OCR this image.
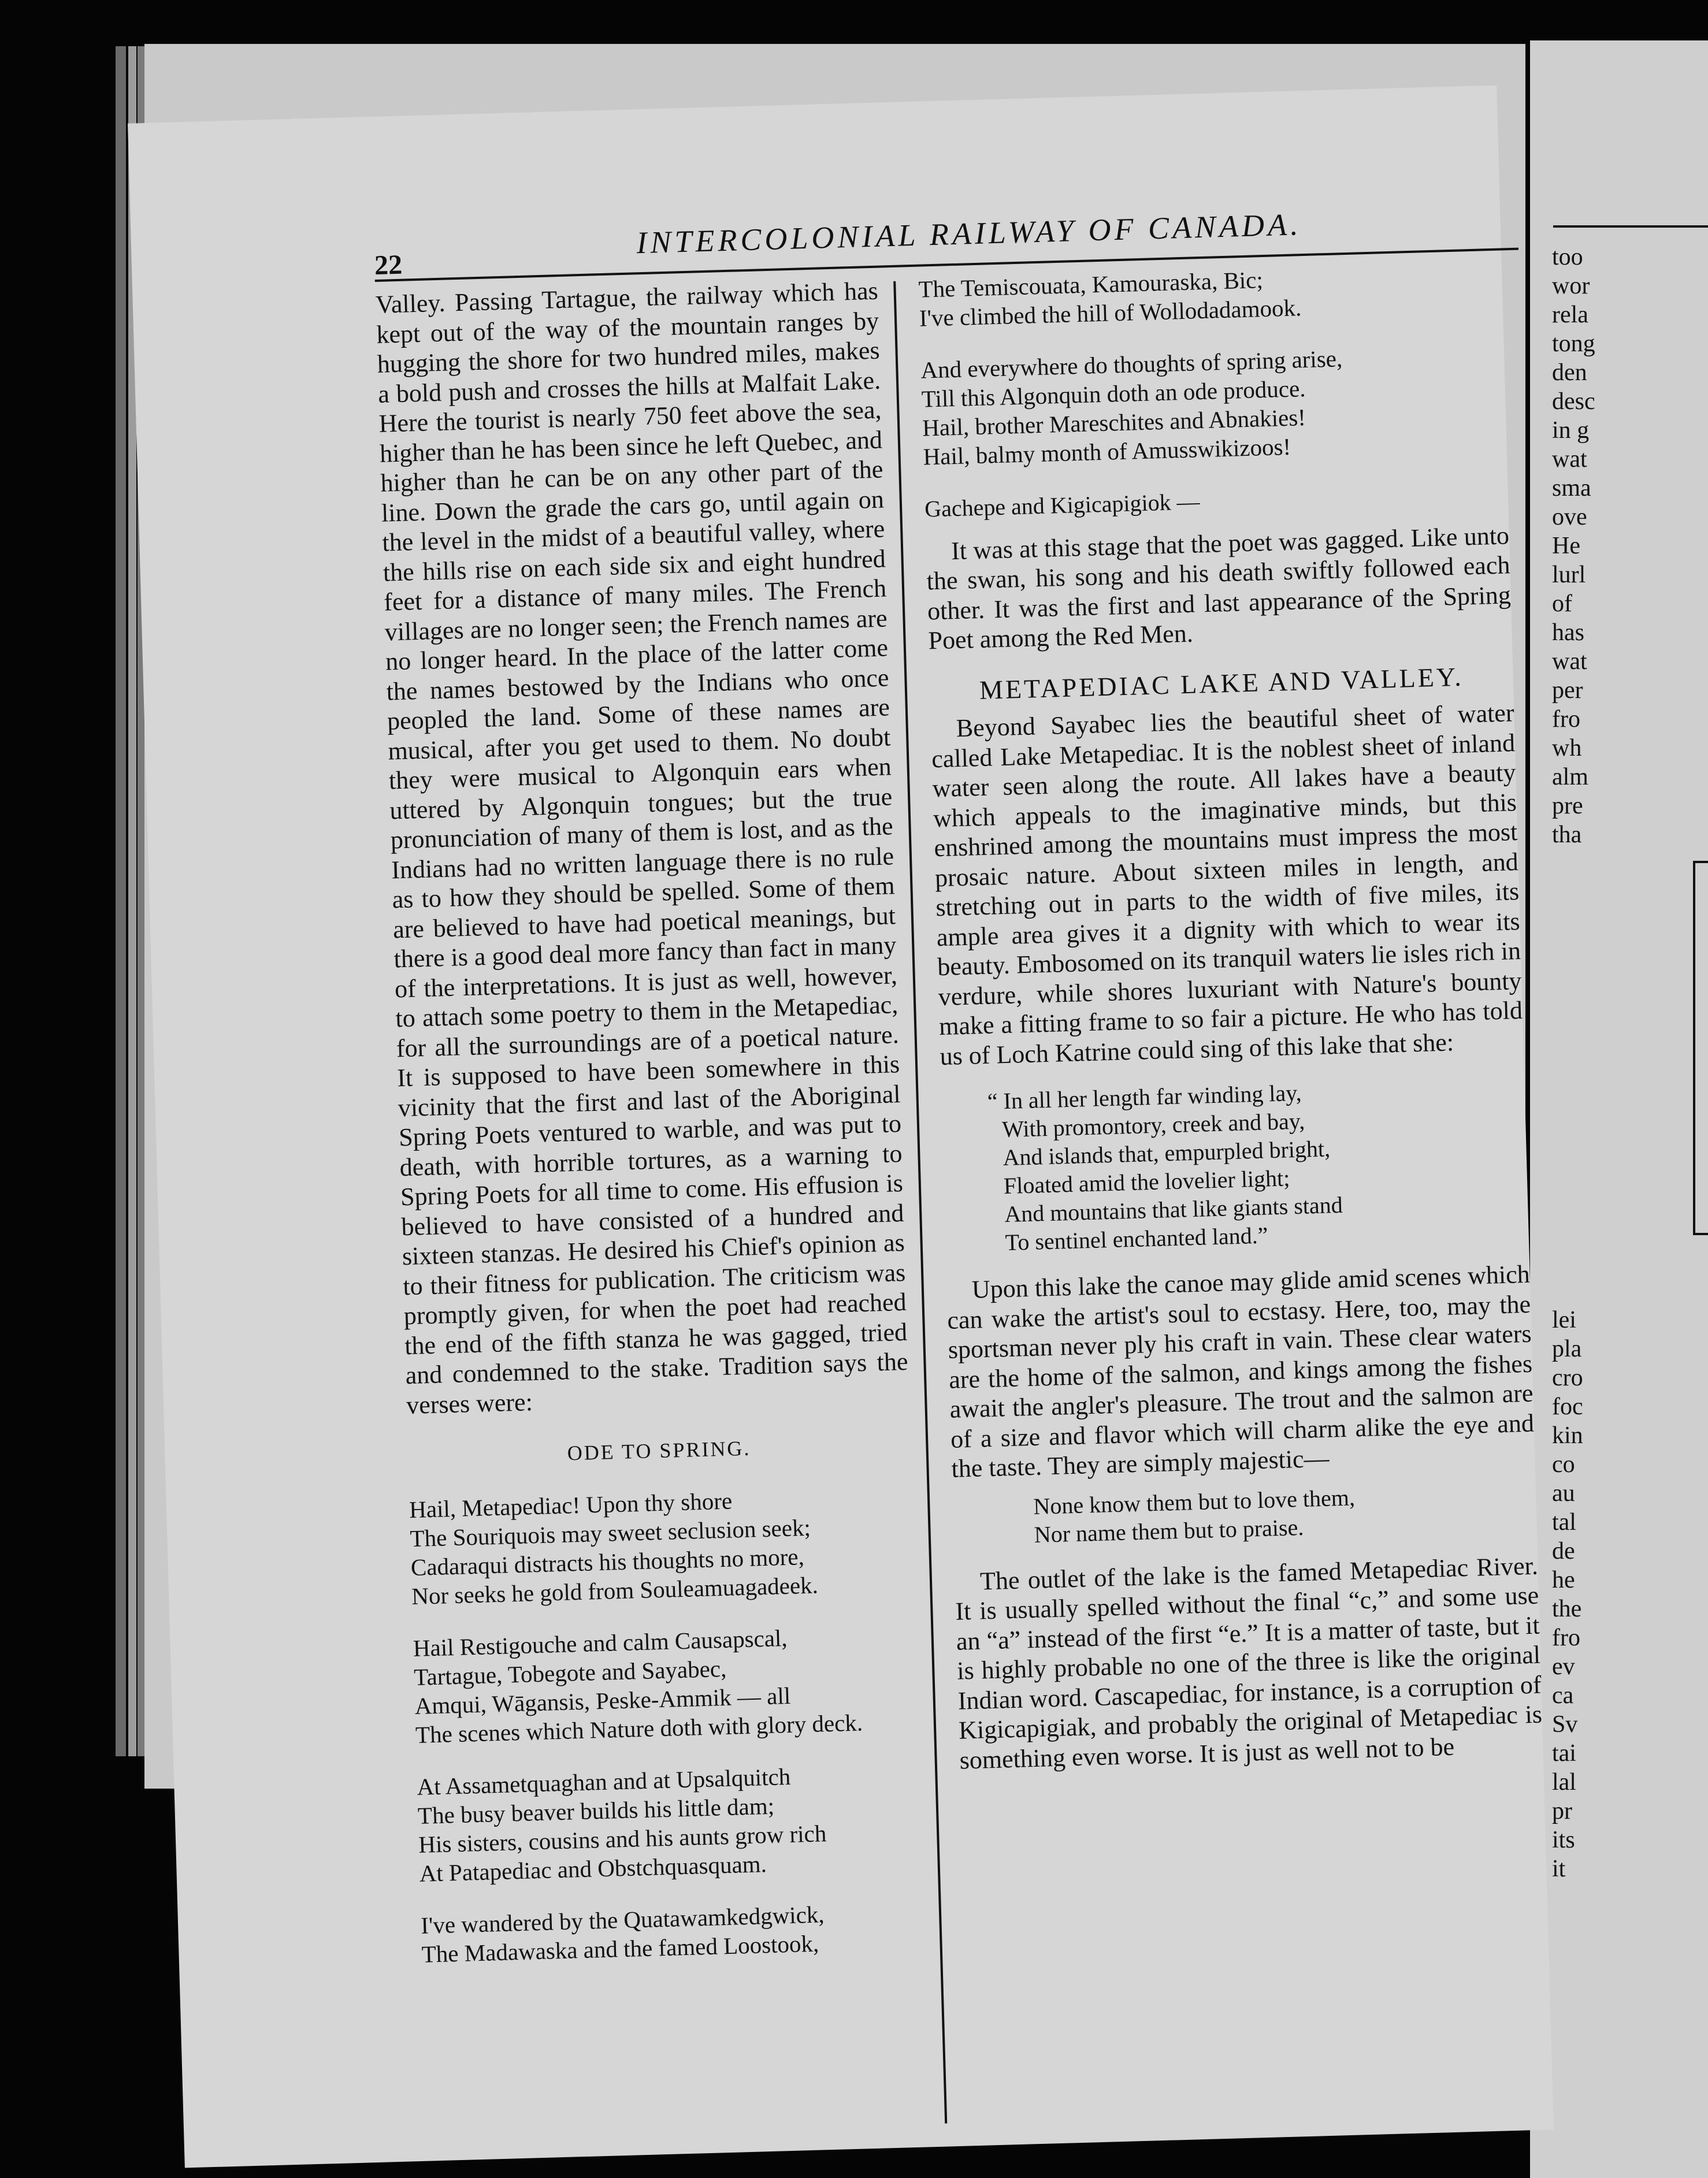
too
wor
rela
tong
den
desc
in g
wat
sma
ove
He
lurl
of
has
wat
per
fro
wh
alm
pre
tha
lei
pla
cro
foc
kin
co
au
tal
de
he
the
fro
ev
ca
Sv
tai
lal
pr
its
it
22
INTERCOLONIAL RAILWAY OF CANADA.

Valley. Passing Tartague, the railway which has kept out of the way of the mountain ranges by hugging the shore for two hundred miles, makes a bold push and crosses the hills at Malfait Lake. Here the tourist is nearly 750 feet above the sea, higher than he has been since he left Quebec, and higher than he can be on any other part of the line. Down the grade the cars go, until again on the level in the midst of a beautiful valley, where the hills rise on each side six and eight hundred feet for a distance of many miles. The French villages are no longer seen; the French names are no longer heard. In the place of the latter come the names bestowed by the Indians who once peopled the land. Some of these names are musical, after you get used to them. No doubt they were musical to Algonquin ears when uttered by Algonquin tongues; but the true pronunciation of many of them is lost, and as the Indians had no written language there is no rule as to how they should be spelled. Some of them are believed to have had poetical meanings, but there is a good deal more fancy than fact in many of the interpretations. It is just as well, however, to attach some poetry to them in the Metapediac, for all the surroundings are of a poetical nature. It is supposed to have been somewhere in this vicinity that the first and last of the Aboriginal Spring Poets ventured to warble, and was put to death, with horrible tortures, as a warning to Spring Poets for all time to come. His effusion is believed to have consisted of a hundred and sixteen stanzas. He desired his Chief's opinion as to their fitness for publication. The criticism was promptly given, for when the poet had reached the end of the fifth stanza he was gagged, tried and condemned to the stake. Tradition says the verses were:

ODE TO SPRING.
Hail, Metapediac! Upon thy shore
The Souriquois may sweet seclusion seek;
Cadaraqui distracts his thoughts no more,
Nor seeks he gold from Souleamuagadeek.
Hail Restigouche and calm Causapscal,
Tartague, Tobegote and Sayabec,
Amqui, Wāgansis, Peske-Ammik — all
The scenes which Nature doth with glory deck.
At Assametquaghan and at Upsalquitch
The busy beaver builds his little dam;
His sisters, cousins and his aunts grow rich
At Patapediac and Obstchquasquam.
I've wandered by the Quatawamkedgwick,
The Madawaska and the famed Loostook,
The Temiscouata, Kamouraska, Bic;
I've climbed the hill of Wollodadamook.
And everywhere do thoughts of spring arise,
Till this Algonquin doth an ode produce.
Hail, brother Mareschites and Abnakies!
Hail, balmy month of Amusswikizoos!
Gachepe and Kigicapigiok —

It was at this stage that the poet was gagged. Like unto the swan, his song and his death swiftly followed each other. It was the first and last appearance of the Spring Poet among the Red Men.

METAPEDIAC LAKE AND VALLEY.

Beyond Sayabec lies the beautiful sheet of water called Lake Metapediac. It is the noblest sheet of inland water seen along the route. All lakes have a beauty which appeals to the imaginative minds, but this enshrined among the mountains must impress the most prosaic nature. About sixteen miles in length, and stretching out in parts to the width of five miles, its ample area gives it a dignity with which to wear its beauty. Embosomed on its tranquil waters lie isles rich in verdure, while shores luxuriant with Nature's bounty make a fitting frame to so fair a picture. He who has told us of Loch Katrine could sing of this lake that she:

“ In all her length far winding lay,
With promontory, creek and bay,
And islands that, empurpled bright,
Floated amid the lovelier light;
And mountains that like giants stand
To sentinel enchanted land.”

Upon this lake the canoe may glide amid scenes which can wake the artist's soul to ecstasy. Here, too, may the sportsman never ply his craft in vain. These clear waters are the home of the salmon, and kings among the fishes await the angler's pleasure. The trout and the salmon are of a size and flavor which will charm alike the eye and the taste. They are simply majestic—

None know them but to love them,
Nor name them but to praise.

The outlet of the lake is the famed Metapediac River. It is usually spelled without the final “c,” and some use an “a” instead of the first “e.” It is a matter of taste, but it is highly probable no one of the three is like the original Indian word. Cascapediac, for instance, is a corruption of Kigicapigiak, and probably the original of Metapediac is something even worse. It is just as well not to be
